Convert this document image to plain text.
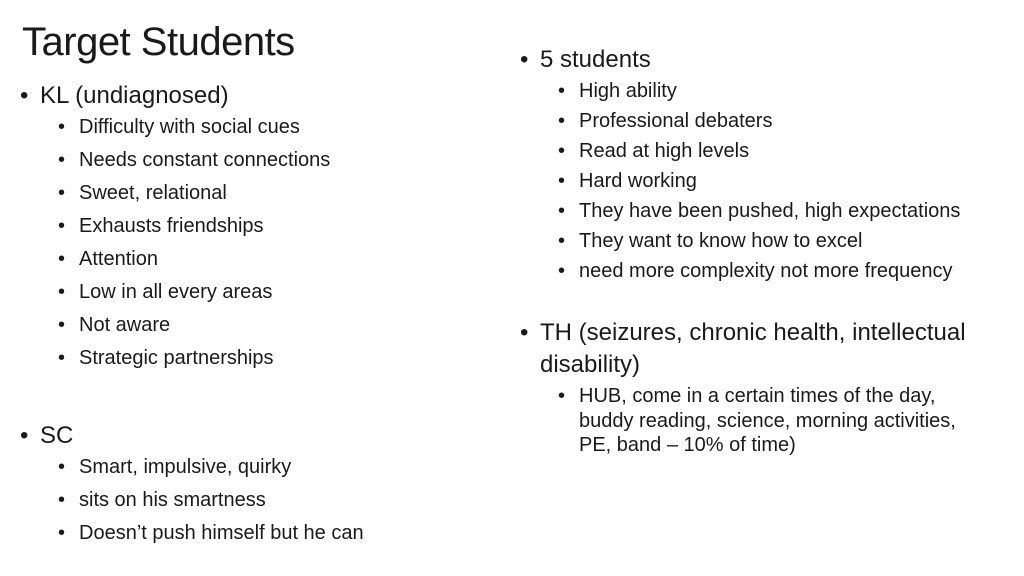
Target Students
• KL (undiagnosed)
• Difficulty with social cues
• Needs constant connections
• Sweet, relational
• Exhausts friendships
• Attention
• Low in all every areas
• Not aware
• Strategic partnerships
• SC
• Smart, impulsive, quirky
• sits on his smartness
• Doesn’t push himself but he can
• 5 students
• High ability
• Professional debaters
• Read at high levels
• Hard working
• They have been pushed, high expectations
• They want to know how to excel
• need more complexity not more frequency
• TH (seizures, chronic health, intellectual disability)
• HUB, come in a certain times of the day, buddy reading, science, morning activities, PE, band – 10% of time)
